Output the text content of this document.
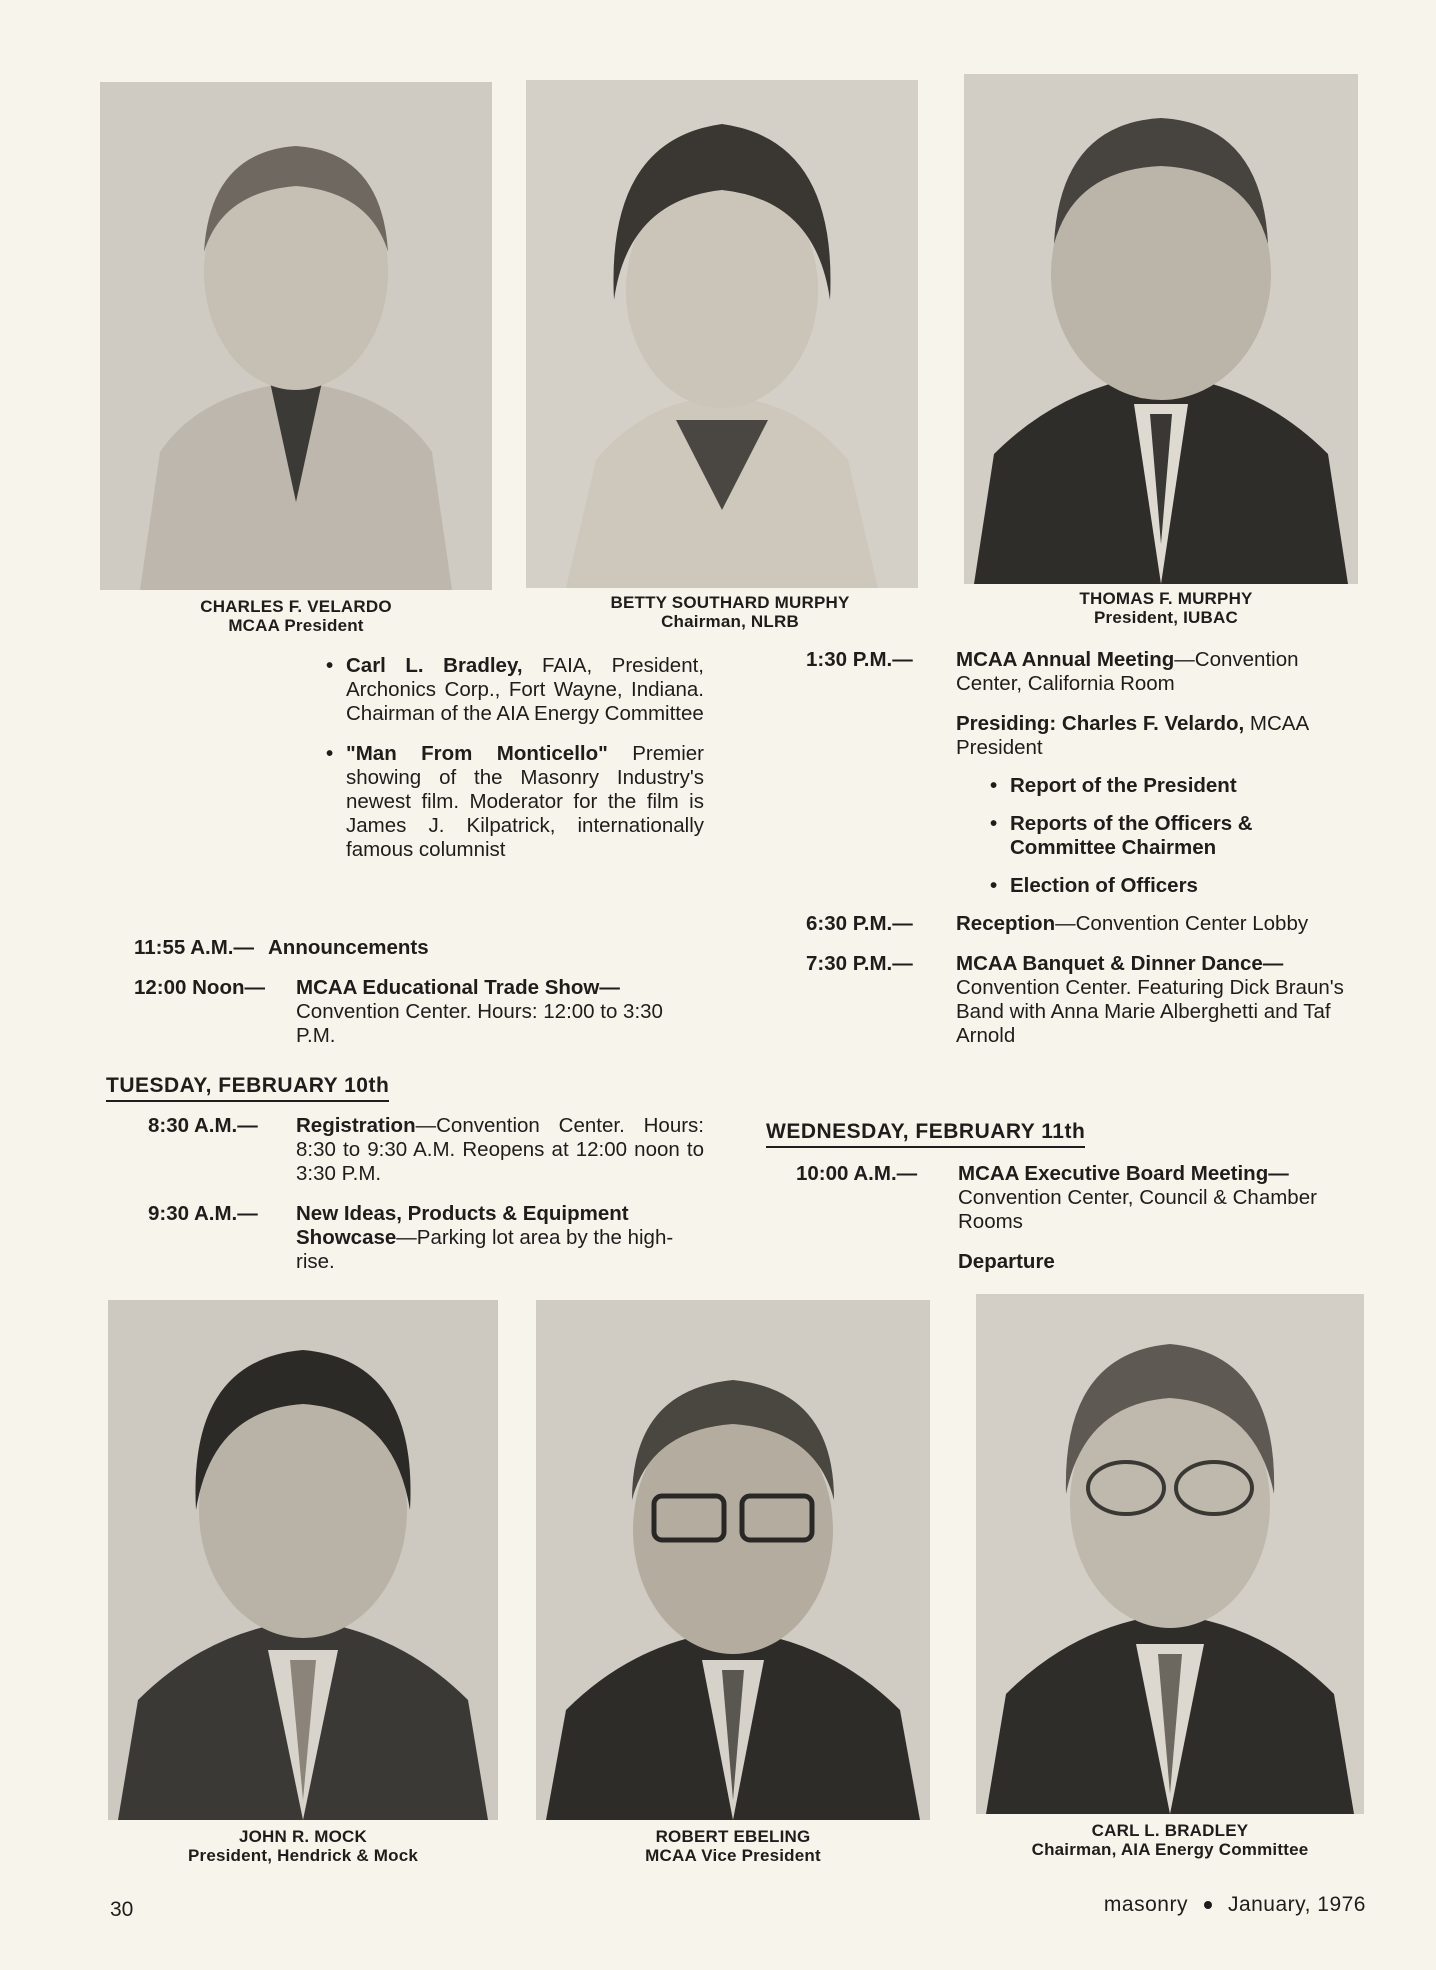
CHARLES F. VELARDO
MCAA President
BETTY SOUTHARD MURPHY
Chairman, NLRB
THOMAS F. MURPHY
President, IUBAC
• Carl L. Bradley, FAIA, President, Archonics Corp., Fort Wayne, Indiana. Chairman of the AIA Energy Committee
• "Man From Monticello" Premier showing of the Masonry Industry's newest film. Moderator for the film is James J. Kilpatrick, internationally famous columnist
11:55 A.M.— Announcements
12:00 Noon—	MCAA Educational Trade Show—
Convention Center. Hours: 12:00 to 3:30 P.M.
TUESDAY, FEBRUARY 10th
8:30 A.M.—	Registration—Convention Center. Hours: 8:30 to 9:30 A.M. Reopens at 12:00 noon to 3:30 P.M.
9:30 A.M.—	New Ideas, Products & Equipment Showcase—Parking lot area by the high-rise.
1:30 P.M.—	MCAA Annual Meeting—Convention Center, California Room
Presiding: Charles F. Velardo, MCAA President
• Report of the President
• Reports of the Officers & Committee Chairmen
• Election of Officers
6:30 P.M.—	Reception—Convention Center Lobby
7:30 P.M.—	MCAA Banquet & Dinner Dance—
Convention Center. Featuring Dick Braun's Band with Anna Marie Alberghetti and Taf Arnold
WEDNESDAY, FEBRUARY 11th
10:00 A.M.—	MCAA Executive Board Meeting—
Convention Center, Council & Chamber Rooms
Departure
JOHN R. MOCK
President, Hendrick & Mock
ROBERT EBELING
MCAA Vice President
CARL L. BRADLEY
Chairman, AIA Energy Committee
30	masonry January, 1976
